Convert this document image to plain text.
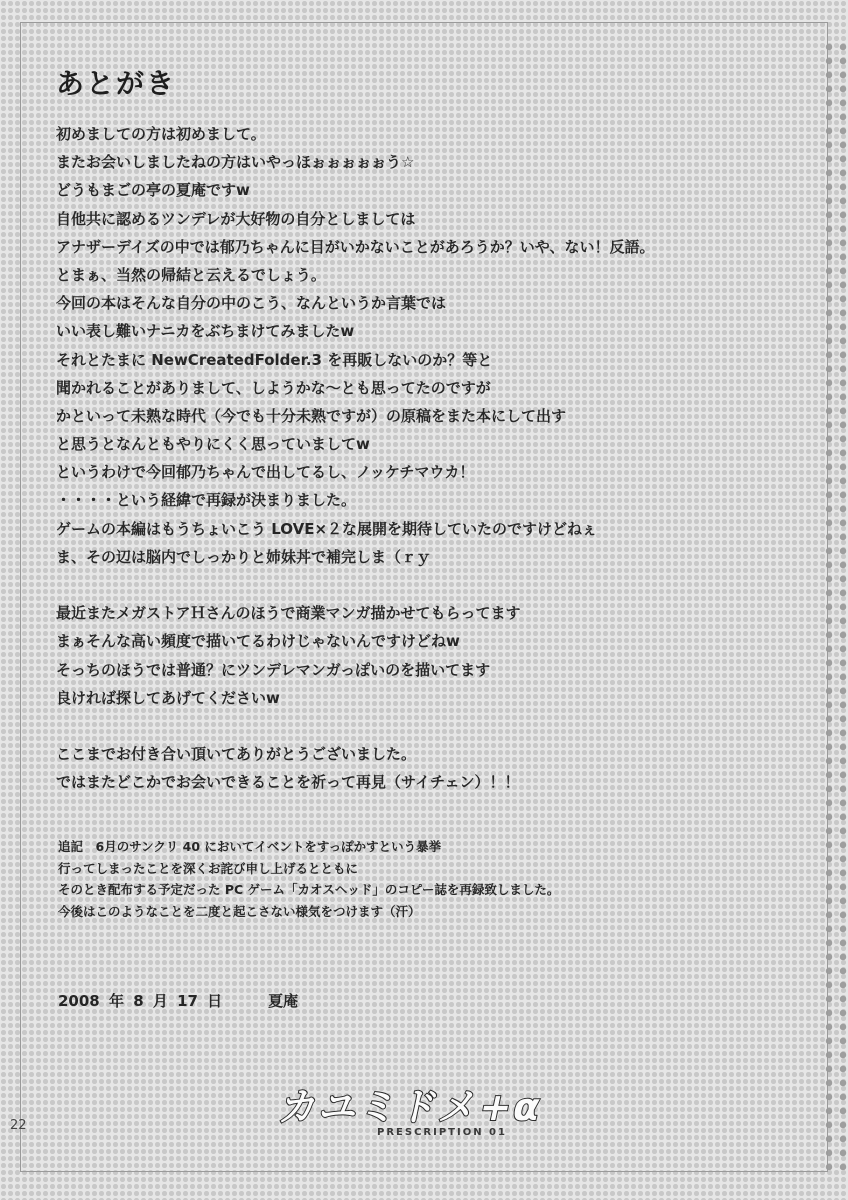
あとがき
初めましての方は初めまして。
またお会いしましたねの方はいやっほぉぉぉぉぉう☆
どうもまごの亭の夏庵ですw
自他共に認めるツンデレが大好物の自分としましては
アナザーデイズの中では郁乃ちゃんに目がいかないことがあろうか？いや、ない！反語。
とまぁ、当然の帰結と云えるでしょう。
今回の本はそんな自分の中のこう、なんというか言葉では
いい表し難いナニカをぶちまけてみましたw
それとたまに NewCreatedFolder.3 を再販しないのか？等と
聞かれることがありまして、しようかな～とも思ってたのですが
かといって未熟な時代（今でも十分未熟ですが）の原稿をまた本にして出す
と思うとなんともやりにくく思っていましてw
というわけで今回郁乃ちゃんで出してるし、ノッケチマウカ！
・・・・という経緯で再録が決まりました。
ゲームの本編はもうちょいこう LOVE×２な展開を期待していたのですけどねぇ
ま、その辺は脳内でしっかりと姉妹丼で補完しま（ｒｙ
最近またメガストアＨさんのほうで商業マンガ描かせてもらってます
まぁそんな高い頻度で描いてるわけじゃないんですけどねw
そっちのほうでは普通？にツンデレマンガっぽいのを描いてます
良ければ探してあげてくださいw
ここまでお付き合い頂いてありがとうございました。
ではまたどこかでお会いできることを祈って再見（サイチェン）！！
追記　6月のサンクリ 40 においてイベントをすっぽかすという暴挙
行ってしまったことを深くお詫び申し上げるとともに
そのとき配布する予定だった PC ゲーム「カオスヘッド」のコピー誌を再録致しました。
今後はこのようなことを二度と起こさない様気をつけます（汗）

2008 年 8 月 17 日	夏庵

カユミドメ+α
PRESCRIPTION 01

22
